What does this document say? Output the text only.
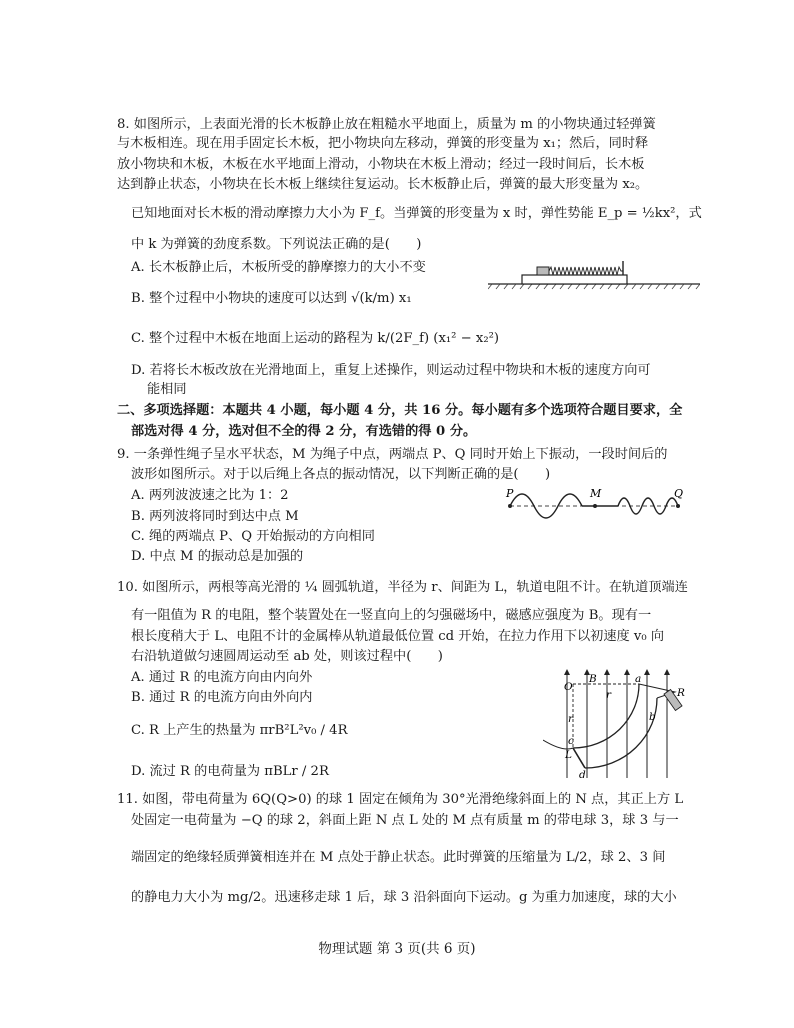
8. 如图所示，上表面光滑的长木板静止放在粗糙水平地面上，质量为 m 的小物块通过轻弹簧
与木板相连。现在用手固定长木板，把小物块向左移动，弹簧的形变量为 x₁；然后，同时释
放小物块和木板，木板在水平地面上滑动，小物块在木板上滑动；经过一段时间后，长木板
达到静止状态，小物块在长木板上继续往复运动。长木板静止后，弹簧的最大形变量为 x₂。
已知地面对长木板的滑动摩擦力大小为 F_f。当弹簧的形变量为 x 时，弹性势能 E_p = ½kx²，式
中 k 为弹簧的劲度系数。下列说法正确的是(　　)
A. 长木板静止后，木板所受的静摩擦力的大小不变
B. 整个过程中小物块的速度可以达到 √(k/m) x₁
C. 整个过程中木板在地面上运动的路程为 k/(2F_f) (x₁² − x₂²)
D. 若将长木板改放在光滑地面上，重复上述操作，则运动过程中物块和木板的速度方向可
能相同
二、多项选择题：本题共 4 小题，每小题 4 分，共 16 分。每小题有多个选项符合题目要求，全
部选对得 4 分，选对但不全的得 2 分，有选错的得 0 分。
9. 一条弹性绳子呈水平状态，M 为绳子中点，两端点 P、Q 同时开始上下振动，一段时间后的
波形如图所示。对于以后绳上各点的振动情况，以下判断正确的是(　　)
A. 两列波波速之比为 1：2
B. 两列波将同时到达中点 M
C. 绳的两端点 P、Q 开始振动的方向相同
D. 中点 M 的振动总是加强的
P	M	Q
10. 如图所示，两根等高光滑的 ¼ 圆弧轨道，半径为 r、间距为 L，轨道电阻不计。在轨道顶端连
有一阻值为 R 的电阻，整个装置处在一竖直向上的匀强磁场中，磁感应强度为 B。现有一
根长度稍大于 L、电阻不计的金属棒从轨道最低位置 cd 开始，在拉力作用下以初速度 v₀ 向
右沿轨道做匀速圆周运动至 ab 处，则该过程中(　　)
A. 通过 R 的电流方向由内向外
B. 通过 R 的电流方向由外向内
C. R 上产生的热量为 πrB²L²v₀ / 4R
D. 流过 R 的电荷量为 πBLr / 2R
O
B
r
a
R
b
r
c
L
d
11. 如图，带电荷量为 6Q(Q>0) 的球 1 固定在倾角为 30°光滑绝缘斜面上的 N 点，其正上方 L
处固定一电荷量为 −Q 的球 2，斜面上距 N 点 L 处的 M 点有质量 m 的带电球 3，球 3 与一
端固定的绝缘轻质弹簧相连并在 M 点处于静止状态。此时弹簧的压缩量为 L/2，球 2、3 间
的静电力大小为 mg/2。迅速移走球 1 后，球 3 沿斜面向下运动。g 为重力加速度，球的大小
物理试题 第 3 页(共 6 页)
